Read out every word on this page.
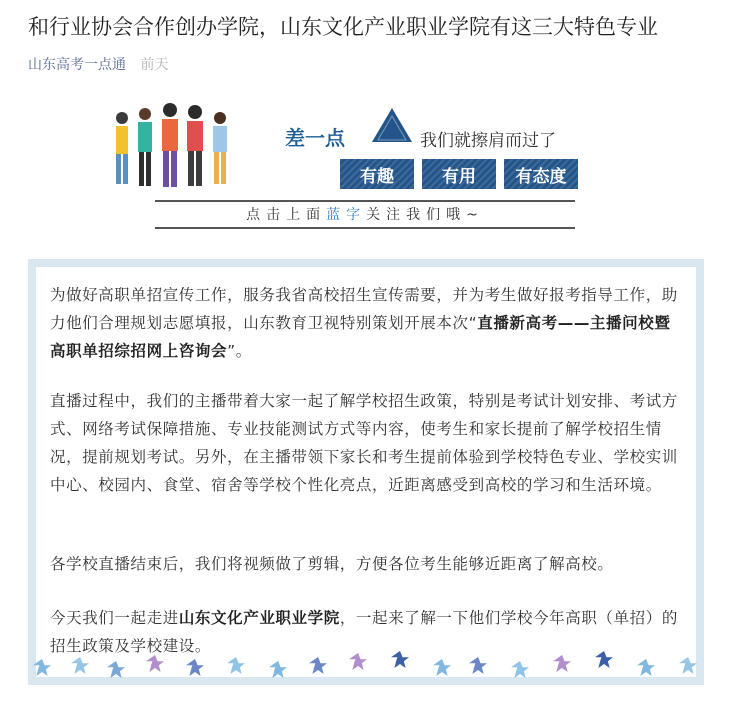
和行业协会合作创办学院，山东文化产业职业学院有这三大特色专业
山东高考一点通 前天
差一点	我们就擦肩而过了
有趣	有用	有态度
点击上面蓝字关注我们哦~
为做好高职单招宣传工作，服务我省高校招生宣传需要，并为考生做好报考指导工作，助力他们合理规划志愿填报，山东教育卫视特别策划开展本次“直播新高考——主播问校暨高职单招综招网上咨询会”。
直播过程中，我们的主播带着大家一起了解学校招生政策，特别是考试计划安排、考试方式、网络考试保障措施、专业技能测试方式等内容，使考生和家长提前了解学校招生情况，提前规划考试。另外，在主播带领下家长和考生提前体验到学校特色专业、学校实训中心、校园内、食堂、宿舍等学校个性化亮点，近距离感受到高校的学习和生活环境。
各学校直播结束后，我们将视频做了剪辑，方便各位考生能够近距离了解高校。
今天我们一起走进山东文化产业职业学院，一起来了解一下他们学校今年高职（单招）的招生政策及学校建设。
